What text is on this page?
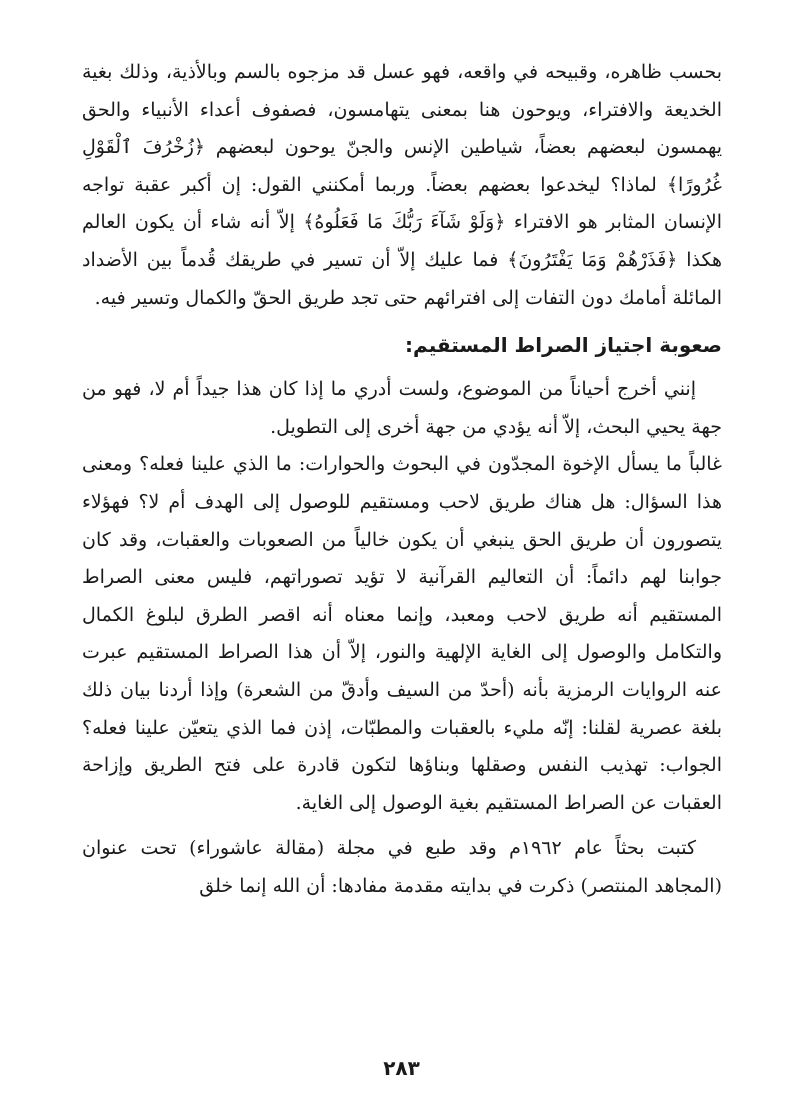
بحسب ظاهره، وقبيحه في واقعه، فهو عسل قد مزجوه بالسم وبالأذية، وذلك بغية الخديعة والافتراء، ويوحون هنا بمعنى يتهامسون، فصفوف أعداء الأنبياء والحق يهمسون لبعضهم بعضاً، شياطين الإنس والجنّ يوحون لبعضهم ﴿زُخْرُفَ ٱلْقَوْلِ غُرُورًا﴾ لماذا؟ ليخدعوا بعضهم بعضاً. وربما أمكنني القول: إن أكبر عقبة تواجه الإنسان المثابر هو الافتراء ﴿وَلَوْ شَآءَ رَبُّكَ مَا فَعَلُوهُ﴾ إلاّ أنه شاء أن يكون العالم هكذا ﴿فَذَرْهُمْ وَمَا يَفْتَرُونَ﴾ فما عليك إلاّ أن تسير في طريقك قُدماً بين الأضداد المائلة أمامك دون التفات إلى افترائهم حتى تجد طريق الحقّ والكمال وتسير فيه.

صعوبة اجتياز الصراط المستقيم:

إنني أخرج أحياناً من الموضوع، ولست أدري ما إذا كان هذا جيداً أم لا، فهو من جهة يحيي البحث، إلاّ أنه يؤدي من جهة أخرى إلى التطويل.

غالباً ما يسأل الإخوة المجدّون في البحوث والحوارات: ما الذي علينا فعله؟ ومعنى هذا السؤال: هل هناك طريق لاحب ومستقيم للوصول إلى الهدف أم لا؟ فهؤلاء يتصورون أن طريق الحق ينبغي أن يكون خالياً من الصعوبات والعقبات، وقد كان جوابنا لهم دائماً: أن التعاليم القرآنية لا تؤيد تصوراتهم، فليس معنى الصراط المستقيم أنه طريق لاحب ومعبد، وإنما معناه أنه اقصر الطرق لبلوغ الكمال والتكامل والوصول إلى الغاية الإلهية والنور، إلاّ أن هذا الصراط المستقيم عبرت عنه الروايات الرمزية بأنه (أحدّ من السيف وأدقّ من الشعرة) وإذا أردنا بيان ذلك بلغة عصرية لقلنا: إنّه مليء بالعقبات والمطبّات، إذن فما الذي يتعيّن علينا فعله؟ الجواب: تهذيب النفس وصقلها وبناؤها لتكون قادرة على فتح الطريق وإزاحة العقبات عن الصراط المستقيم بغية الوصول إلى الغاية.

كتبت بحثاً عام ١٩٦٢م وقد طبع في مجلة (مقالة عاشوراء) تحت عنوان (المجاهد المنتصر) ذكرت في بدايته مقدمة مفادها: أن الله إنما خلق

٢٨٣
